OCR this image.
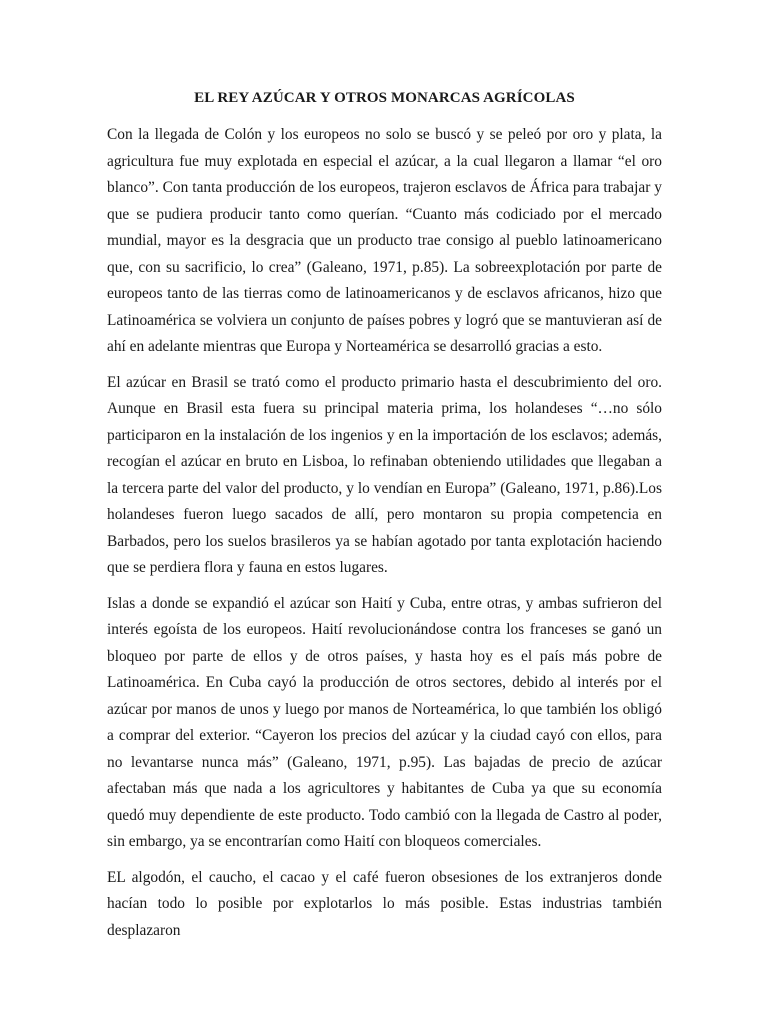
EL REY AZÚCAR Y OTROS MONARCAS AGRÍCOLAS

Con la llegada de Colón y los europeos no solo se buscó y se peleó por oro y plata, la agricultura fue muy explotada en especial el azúcar, a la cual llegaron a llamar “el oro blanco”. Con tanta producción de los europeos, trajeron esclavos de África para trabajar y que se pudiera producir tanto como querían. “Cuanto más codiciado por el mercado mundial, mayor es la desgracia que un producto trae consigo al pueblo latinoamericano que, con su sacrificio, lo crea” (Galeano, 1971, p.85). La sobreexplotación por parte de europeos tanto de las tierras como de latinoamericanos y de esclavos africanos, hizo que Latinoamérica se volviera un conjunto de países pobres y logró que se mantuvieran así de ahí en adelante mientras que Europa y Norteamérica se desarrolló gracias a esto.

El azúcar en Brasil se trató como el producto primario hasta el descubrimiento del oro. Aunque en Brasil esta fuera su principal materia prima, los holandeses “…no sólo participaron en la instalación de los ingenios y en la importación de los esclavos; además, recogían el azúcar en bruto en Lisboa, lo refinaban obteniendo utilidades que llegaban a la tercera parte del valor del producto, y lo vendían en Europa” (Galeano, 1971, p.86).Los holandeses fueron luego sacados de allí, pero montaron su propia competencia en Barbados, pero los suelos brasileros ya se habían agotado por tanta explotación haciendo que se perdiera flora y fauna en estos lugares.

Islas a donde se expandió el azúcar son Haití y Cuba, entre otras, y ambas sufrieron del interés egoísta de los europeos. Haití revolucionándose contra los franceses se ganó un bloqueo por parte de ellos y de otros países, y hasta hoy es el país más pobre de Latinoamérica. En Cuba cayó la producción de otros sectores, debido al interés por el azúcar por manos de unos y luego por manos de Norteamérica, lo que también los obligó a comprar del exterior. “Cayeron los precios del azúcar y la ciudad cayó con ellos, para no levantarse nunca más” (Galeano, 1971, p.95). Las bajadas de precio de azúcar afectaban más que nada a los agricultores y habitantes de Cuba ya que su economía quedó muy dependiente de este producto. Todo cambió con la llegada de Castro al poder, sin embargo, ya se encontrarían como Haití con bloqueos comerciales.

EL algodón, el caucho, el cacao y el café fueron obsesiones de los extranjeros donde hacían todo lo posible por explotarlos lo más posible. Estas industrias también desplazaron
